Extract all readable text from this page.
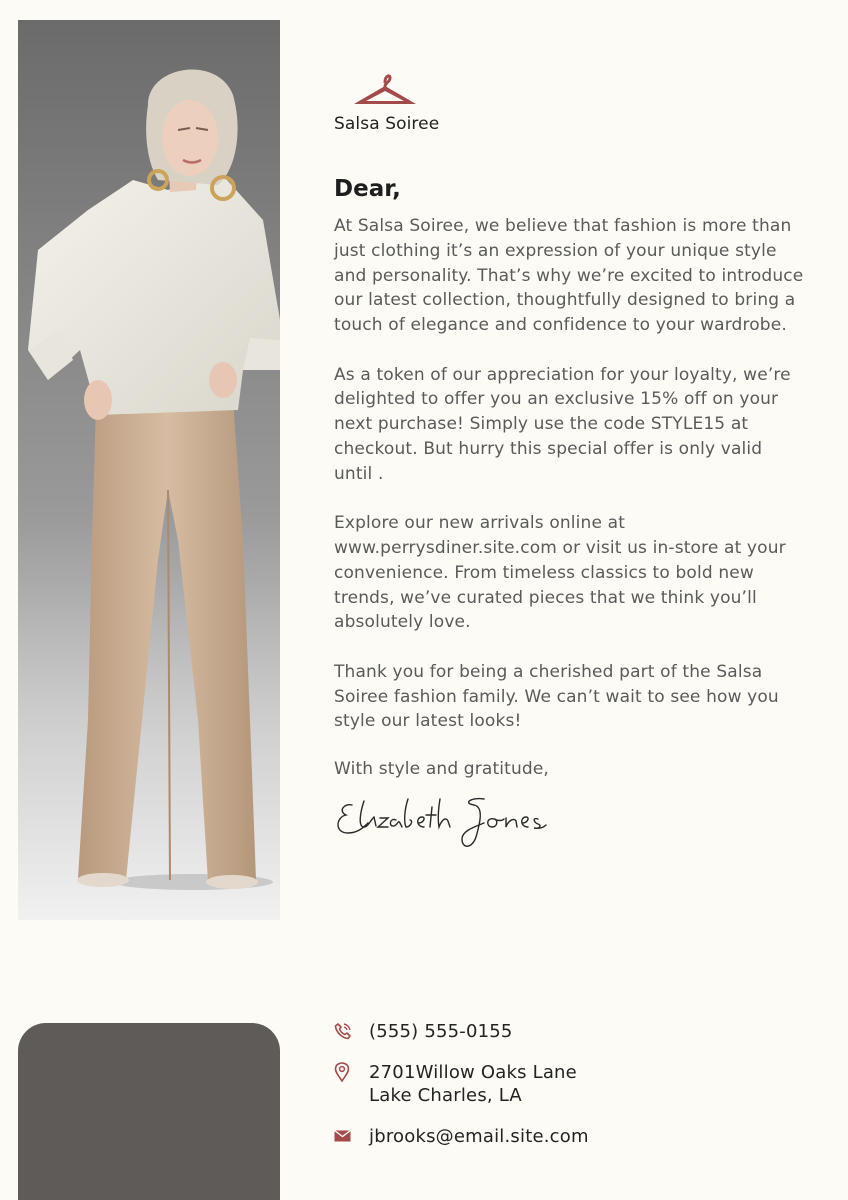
Salsa Soiree
Dear,

At Salsa Soiree, we believe that fashion is more than just clothing it’s an expression of your unique style and personality. That’s why we’re excited to introduce our latest collection, thoughtfully designed to bring a touch of elegance and confidence to your wardrobe.

As a token of our appreciation for your loyalty, we’re delighted to offer you an exclusive 15% off on your next purchase! Simply use the code STYLE15 at checkout. But hurry this special offer is only valid until .

Explore our new arrivals online at www.perrysdiner.site.com or visit us in-store at your convenience. From timeless classics to bold new trends, we’ve curated pieces that we think you’ll absolutely love.

Thank you for being a cherished part of the Salsa Soiree fashion family. We can’t wait to see how you style our latest looks!

With style and gratitude,
(555) 555-0155
2701Willow Oaks Lane
Lake Charles, LA
jbrooks@email.site.com
